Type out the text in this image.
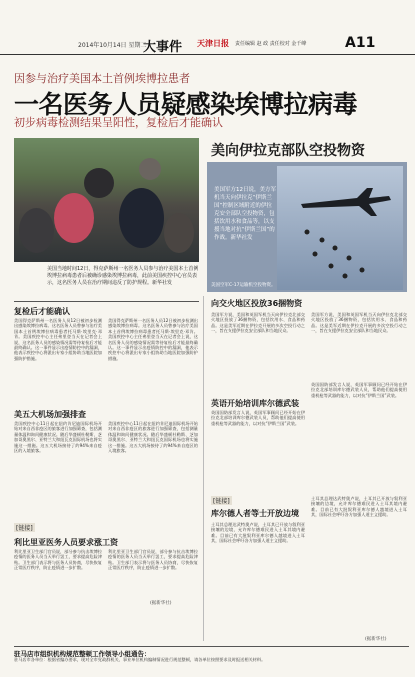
2014年10月14日 星期二
大事件 天津日报 责任编辑 赵 政 责任校对 金千峰	A11
因参与治疗美国本土首例埃博拉患者
一名医务人员疑感染埃博拉病毒
初步病毒检测结果呈阳性，复检后才能确认
美国当地时间12日，得克萨斯州一名医务人员参与治疗美国本土首例埃博拉病毒患者后被确诊感染埃博拉病毒，此前美国疾控中心官员表示，这名医务人员在治疗期间违反了防护规程。新华社发
美向伊拉克部队空投物资
美国军方12日说，美方军机当天向伊拉克“伊斯兰国”控制区域附近的伊拉克安全部队空投物资，包括饮用水和食品等，以支援当地对抗“伊斯兰国”的作战。新华社发
美国空军C-17运输机空投物资。
复检后才能确认
美国得克萨斯州一名医务人员12日被初步检测出感染埃博拉病毒。这名医务人员曾参与治疗美国本土首例埃博拉病毒患者托马斯·埃里克·邓肯。美国疾控中心主任弗里登当天在记者会上说，这名医务人员的感染情况需等待复检后才能最终确认。这一事件显示出疫情防控中的漏洞，他表示疾控中心将派出专家小组协助当地医院加强防护措施。
美国得克萨斯州一名医务人员12日被初步检测出感染埃博拉病毒。这名医务人员曾参与治疗美国本土首例埃博拉病毒患者托马斯·埃里克·邓肯。美国疾控中心主任弗里登当天在记者会上说，这名医务人员的感染情况需等待复检后才能最终确认。这一事件显示出疫情防控中的漏洞，他表示疾控中心将派出专家小组协助当地医院加强防护措施。
美五大机场加强排查
美国疾控中心11日起在纽约肯尼迪国际机场开始对来自西非疫区的旅客进行加强筛查，包括测量体温和询问健康状况。随后华盛顿杜勒斯、芝加哥奥黑尔、亚特兰大和纽瓦克国际机场也将实施这一措施。这五大机场接待了约94%来自疫区的入境旅客。
美国疾控中心11日起在纽约肯尼迪国际机场开始对来自西非疫区的旅客进行加强筛查，包括测量体温和询问健康状况。随后华盛顿杜勒斯、芝加哥奥黑尔、亚特兰大和纽瓦克国际机场也将实施这一措施。这五大机场接待了约94%来自疫区的入境旅客。
[链接]
利比里亚医务人员要求涨工资
利比里亚卫生部门官员说，部分参与抗击埃博拉疫情的医务人员当天举行罢工，要求提高危险津贴。卫生部门表示将与医务人员协商，尽快恢复正常医疗秩序，防止疫情进一步扩散。
利比里亚卫生部门官员说，部分参与抗击埃博拉疫情的医务人员当天举行罢工，要求提高危险津贴。卫生部门表示将与医务人员协商，尽快恢复正常医疗秩序，防止疫情进一步扩散。
(据新华社)
向交火地区投放36捆物资
美国军方说，美国和英国军机当天向伊拉克北部交火地区投放了36捆物资，包括饮用水、食品和药品。这是美军近期在伊拉克开展的多次空投行动之一，旨在支援伊拉克安全部队和当地民众。
美国军方说，美国和英国军机当天向伊拉克北部交火地区投放了36捆物资，包括饮用水、食品和药品。这是美军近期在伊拉克开展的多次空投行动之一，旨在支援伊拉克安全部队和当地民众。
英语开始培训库尔德武装
英国国防部发言人说，英国军事顾问已经开始在伊拉克北部培训库尔德武装人员，帮助他们提高使用重机枪等武器的能力，以对抗“伊斯兰国”武装。
英国国防部发言人说，英国军事顾问已经开始在伊拉克北部培训库尔德武装人员，帮助他们提高使用重机枪等武器的能力，以对抗“伊斯兰国”武装。
[链接]
库尔德人者等士开放边境
土耳其总理达武特奥卢说，土耳其已开放与叙利亚接壤的边境，允许库尔德难民进入土耳其境内避难。目前已有大批叙利亚库尔德人越境进入土耳其，国际社会呼吁各方加强人道主义援助。
土耳其总理达武特奥卢说，土耳其已开放与叙利亚接壤的边境，允许库尔德难民进入土耳其境内避难。目前已有大批叙利亚库尔德人越境进入土耳其，国际社会呼吁各方加强人道主义援助。
(据新华社)
驻马店市组织机构规范整顿工作领导小组通告：
驻马店市各单位：根据省编办要求，现对全市党政群机关、事业单位机构编制情况进行规范整顿，请各单位按照要求及时报送相关材料。
